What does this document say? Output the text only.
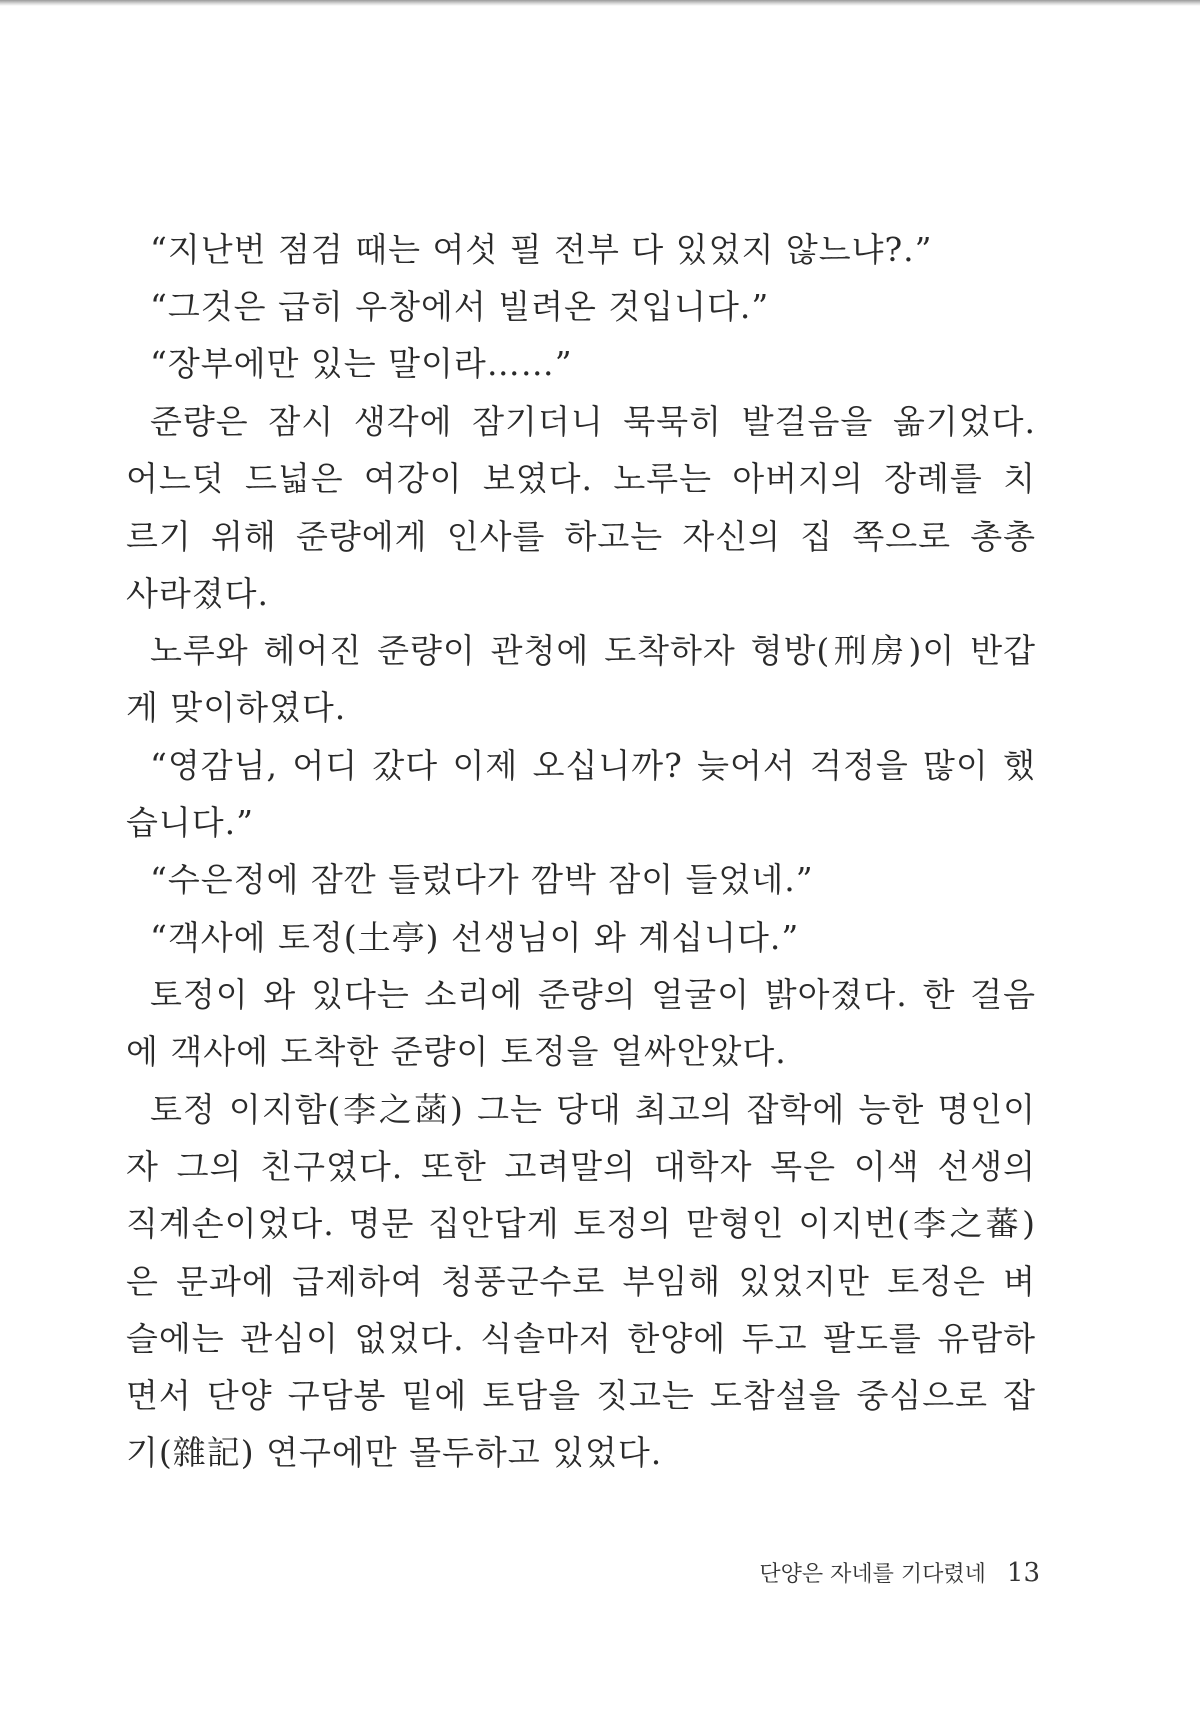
“지난번 점검 때는 여섯 필 전부 다 있었지 않느냐?.”
“그것은 급히 우창에서 빌려온 것입니다.”
“장부에만 있는 말이라……”
준량은 잠시 생각에 잠기더니 묵묵히 발걸음을 옮기었다.
어느덧 드넓은 여강이 보였다. 노루는 아버지의 장례를 치
르기 위해 준량에게 인사를 하고는 자신의 집 쪽으로 총총
사라졌다.
노루와 헤어진 준량이 관청에 도착하자 형방(刑房)이 반갑
게 맞이하였다.
“영감님, 어디 갔다 이제 오십니까? 늦어서 걱정을 많이 했
습니다.”
“수은정에 잠깐 들렀다가 깜박 잠이 들었네.”
“객사에 토정(土亭) 선생님이 와 계십니다.”
토정이 와 있다는 소리에 준량의 얼굴이 밝아졌다. 한 걸음
에 객사에 도착한 준량이 토정을 얼싸안았다.
토정 이지함(李之菡) 그는 당대 최고의 잡학에 능한 명인이
자 그의 친구였다. 또한 고려말의 대학자 목은 이색 선생의
직계손이었다. 명문 집안답게 토정의 맏형인 이지번(李之蕃)
은 문과에 급제하여 청풍군수로 부임해 있었지만 토정은 벼
슬에는 관심이 없었다. 식솔마저 한양에 두고 팔도를 유람하
면서 단양 구담봉 밑에 토담을 짓고는 도참설을 중심으로 잡
기(雜記) 연구에만 몰두하고 있었다.
단양은 자네를 기다렸네 13
